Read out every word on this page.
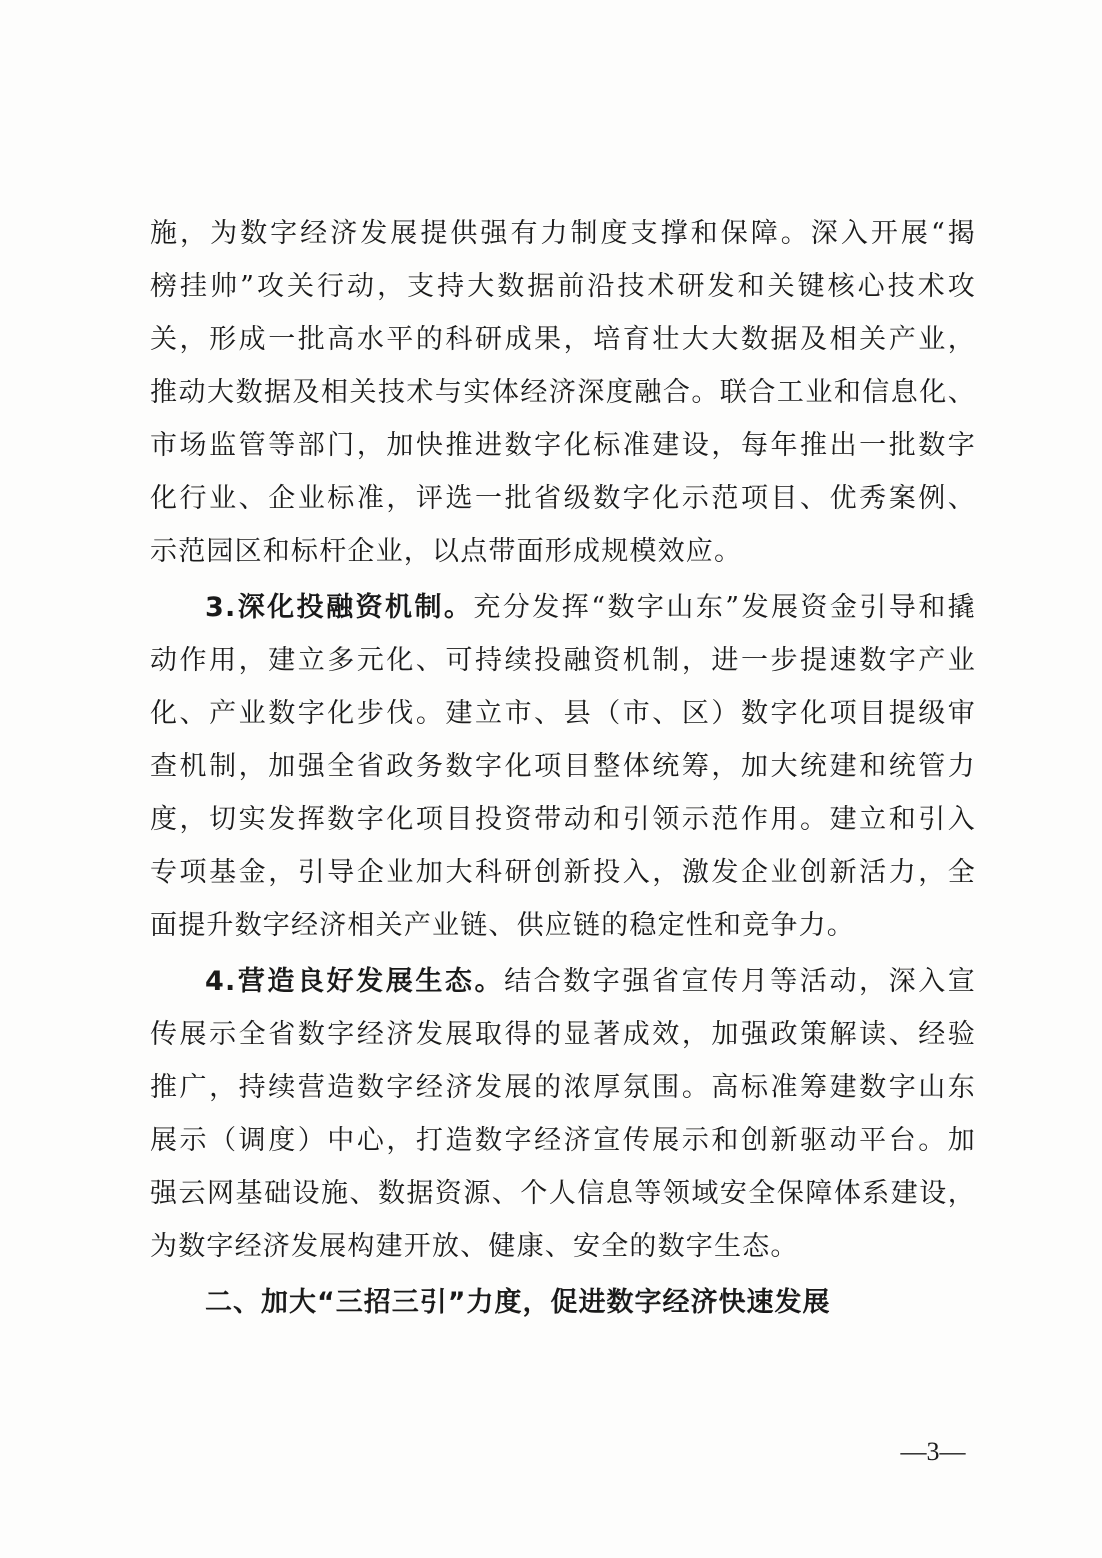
施，为数字经济发展提供强有力制度支撑和保障。深入开展“揭
榜挂帅”攻关行动，支持大数据前沿技术研发和关键核心技术攻
关，形成一批高水平的科研成果，培育壮大大数据及相关产业，
推动大数据及相关技术与实体经济深度融合。联合工业和信息化、
市场监管等部门，加快推进数字化标准建设，每年推出一批数字
化行业、企业标准，评选一批省级数字化示范项目、优秀案例、
示范园区和标杆企业，以点带面形成规模效应。
3.深化投融资机制。充分发挥“数字山东”发展资金引导和撬
动作用，建立多元化、可持续投融资机制，进一步提速数字产业
化、产业数字化步伐。建立市、县（市、区）数字化项目提级审
查机制，加强全省政务数字化项目整体统筹，加大统建和统管力
度，切实发挥数字化项目投资带动和引领示范作用。建立和引入
专项基金，引导企业加大科研创新投入，激发企业创新活力，全
面提升数字经济相关产业链、供应链的稳定性和竞争力。
4.营造良好发展生态。结合数字强省宣传月等活动，深入宣
传展示全省数字经济发展取得的显著成效，加强政策解读、经验
推广，持续营造数字经济发展的浓厚氛围。高标准筹建数字山东
展示（调度）中心，打造数字经济宣传展示和创新驱动平台。加
强云网基础设施、数据资源、个人信息等领域安全保障体系建设，
为数字经济发展构建开放、健康、安全的数字生态。
二、加大“三招三引”力度，促进数字经济快速发展
—3—
